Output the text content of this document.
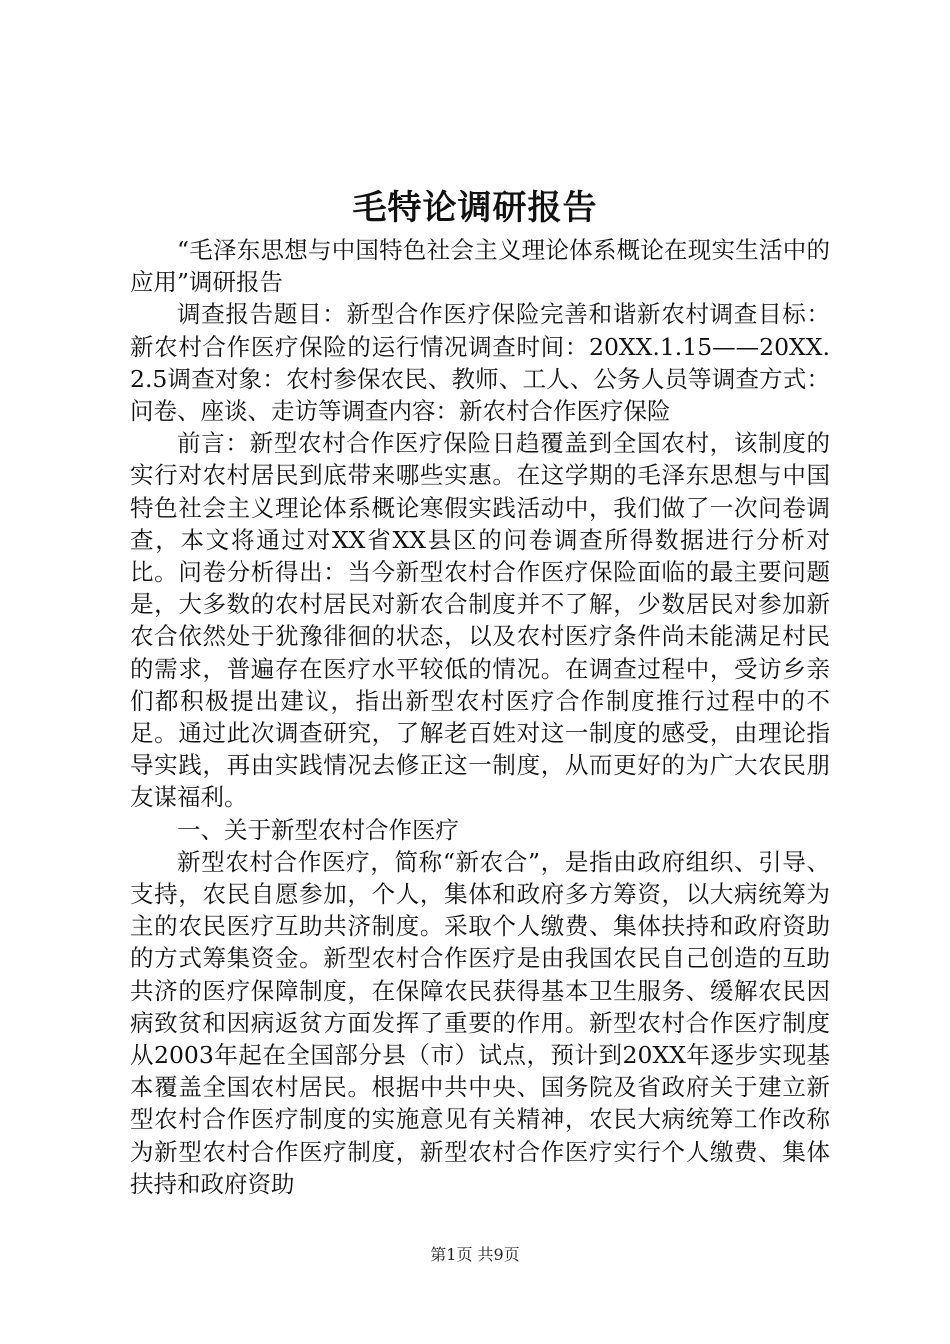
毛特论调研报告

“毛泽东思想与中国特色社会主义理论体系概论在现实生活中的应用”调研报告

调查报告题目：新型合作医疗保险完善和谐新农村调查目标：新农村合作医疗保险的运行情况调查时间：20XX.1.15——20XX.2.5调查对象：农村参保农民、教师、工人、公务人员等调查方式：问卷、座谈、走访等调查内容：新农村合作医疗保险

前言：新型农村合作医疗保险日趋覆盖到全国农村，该制度的实行对农村居民到底带来哪些实惠。在这学期的毛泽东思想与中国特色社会主义理论体系概论寒假实践活动中，我们做了一次问卷调查，本文将通过对XX省XX县区的问卷调查所得数据进行分析对比。问卷分析得出：当今新型农村合作医疗保险面临的最主要问题是，大多数的农村居民对新农合制度并不了解，少数居民对参加新农合依然处于犹豫徘徊的状态，以及农村医疗条件尚未能满足村民的需求，普遍存在医疗水平较低的情况。在调查过程中，受访乡亲们都积极提出建议，指出新型农村医疗合作制度推行过程中的不足。通过此次调查研究，了解老百姓对这一制度的感受，由理论指导实践，再由实践情况去修正这一制度，从而更好的为广大农民朋友谋福利。

一、关于新型农村合作医疗

新型农村合作医疗，简称“新农合”，是指由政府组织、引导、支持，农民自愿参加，个人，集体和政府多方筹资，以大病统筹为主的农民医疗互助共济制度。采取个人缴费、集体扶持和政府资助的方式筹集资金。新型农村合作医疗是由我国农民自己创造的互助共济的医疗保障制度，在保障农民获得基本卫生服务、缓解农民因病致贫和因病返贫方面发挥了重要的作用。新型农村合作医疗制度从2003年起在全国部分县（市）试点，预计到20XX年逐步实现基本覆盖全国农村居民。根据中共中央、国务院及省政府关于建立新型农村合作医疗制度的实施意见有关精神，农民大病统筹工作改称为新型农村合作医疗制度，新型农村合作医疗实行个人缴费、集体扶持和政府资助

第1页 共9页
